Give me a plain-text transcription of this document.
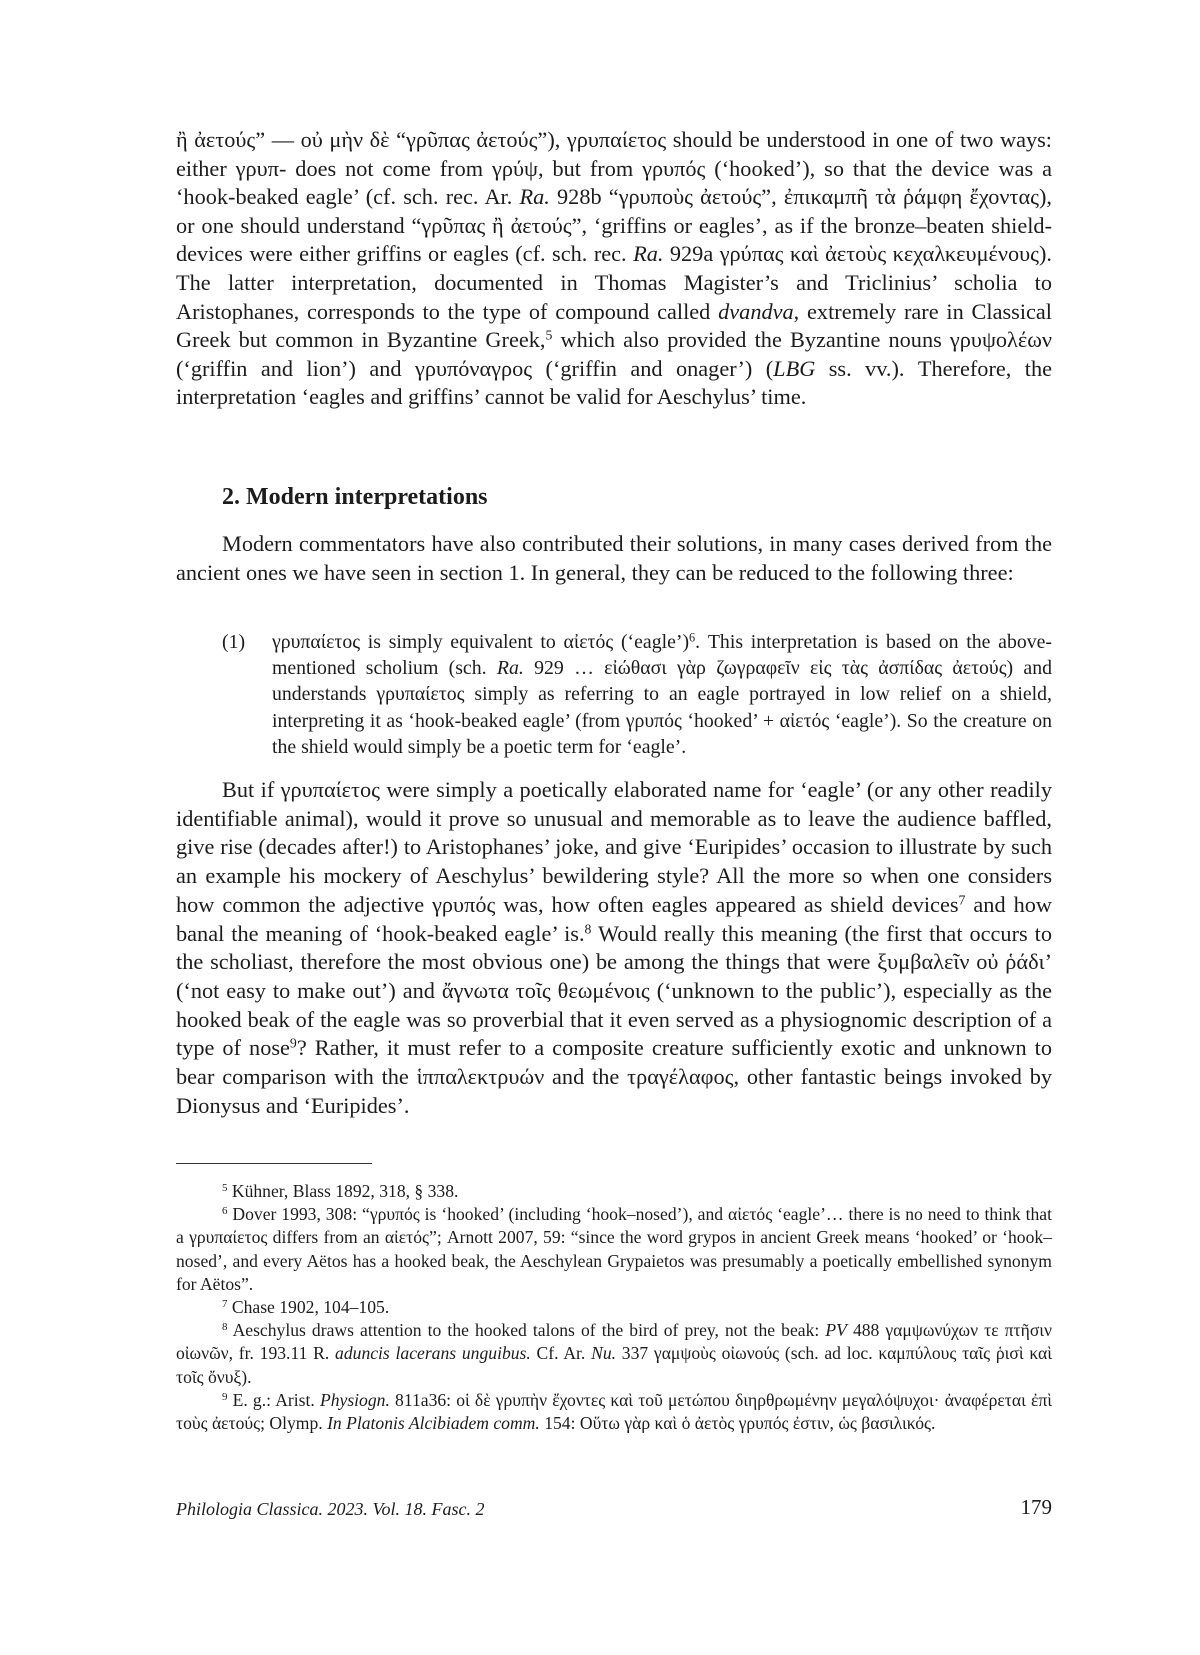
ἢ ἀετούς” — οὐ μὴν δὲ “γρῦπας ἀετούς”), γρυπαίετος should be understood in one of two ways: either γρυπ- does not come from γρύψ, but from γρυπός (‘hooked’), so that the device was a ‘hook-beaked eagle’ (cf. sch. rec. Ar. Ra. 928b “γρυποὺς ἀετούς”, ἐπικαμπῆ τὰ ῥάμφη ἔχοντας), or one should understand “γρῦπας ἢ ἀετούς”, ‘griffins or eagles’, as if the bronze–beaten shield-devices were either griffins or eagles (cf. sch. rec. Ra. 929a γρύπας καὶ ἀετοὺς κεχαλκευμένους). The latter interpretation, documented in Thomas Magister’s and Triclinius’ scholia to Aristophanes, corresponds to the type of compound called dvandva, extremely rare in Classical Greek but common in Byzantine Greek,$^5$ which also provided the Byzantine nouns γρυψολέων (‘griffin and lion’) and γρυπόναγρος (‘griffin and onager’) (LBG ss. vv.). Therefore, the interpretation ‘eagles and griffins’ cannot be valid for Aeschylus’ time.

2. Modern interpretations

Modern commentators have also contributed their solutions, in many cases derived from the ancient ones we have seen in section 1. In general, they can be reduced to the following three:

(1) γρυπαίετος is simply equivalent to αἰετός (‘eagle’)$^6$. This interpretation is based on the above-mentioned scholium (sch. Ra. 929 … εἰώθασι γὰρ ζωγραφεῖν εἰς τὰς ἀσπίδας ἀετούς) and understands γρυπαίετος simply as referring to an eagle portrayed in low relief on a shield, interpreting it as ‘hook-beaked eagle’ (from γρυπός ‘hooked’ + αἰετός ‘eagle’). So the creature on the shield would simply be a poetic term for ‘eagle’.

But if γρυπαίετος were simply a poetically elaborated name for ‘eagle’ (or any other readily identifiable animal), would it prove so unusual and memorable as to leave the audience baffled, give rise (decades after!) to Aristophanes’ joke, and give ‘Euripides’ occasion to illustrate by such an example his mockery of Aeschylus’ bewildering style? All the more so when one considers how common the adjective γρυπός was, how often eagles appeared as shield devices$^7$ and how banal the meaning of ‘hook-beaked eagle’ is.$^8$ Would really this meaning (the first that occurs to the scholiast, therefore the most obvious one) be among the things that were ξυμβαλεῖν οὐ ῥάδι’ (‘not easy to make out’) and ἄγνωτα τοῖς θεωμένοις (‘unknown to the public’), especially as the hooked beak of the eagle was so proverbial that it even served as a physiognomic description of a type of nose$^9$? Rather, it must refer to a composite creature sufficiently exotic and unknown to bear comparison with the ἱππαλεκτρυών and the τραγέλαφος, other fantastic beings invoked by Dionysus and ‘Euripides’.

$^5$ Kühner, Blass 1892, 318, § 338.

$^6$ Dover 1993, 308: “γρυπός is ‘hooked’ (including ‘hook–nosed’), and αἰετός ‘eagle’… there is no need to think that a γρυπαίετος differs from an αἰετός”; Arnott 2007, 59: “since the word grypos in ancient Greek means ‘hooked’ or ‘hook–nosed’, and every Aëtos has a hooked beak, the Aeschylean Grypaietos was presumably a poetically embellished synonym for Aëtos”.

$^7$ Chase 1902, 104–105.

$^8$ Aeschylus draws attention to the hooked talons of the bird of prey, not the beak: PV 488 γαμψωνύχων τε πτῆσιν οἰωνῶν, fr. 193.11 R. aduncis lacerans unguibus. Cf. Ar. Nu. 337 γαμψοὺς οἰωνούς (sch. ad loc. καμπύλους ταῖς ῥισὶ καὶ τοῖς ὄνυξ).

$^9$ E. g.: Arist. Physiogn. 811a36: οἱ δὲ γρυπὴν ἔχοντες καὶ τοῦ μετώπου διηρθρωμένην μεγαλόψυχοι· ἀναφέρεται ἐπὶ τοὺς ἀετούς; Olymp. In Platonis Alcibiadem comm. 154: Οὕτω γὰρ καὶ ὁ ἀετὸς γρυπός ἐστιν, ὡς βασιλικός.

Philologia Classica. 2023. Vol. 18. Fasc. 2	179
